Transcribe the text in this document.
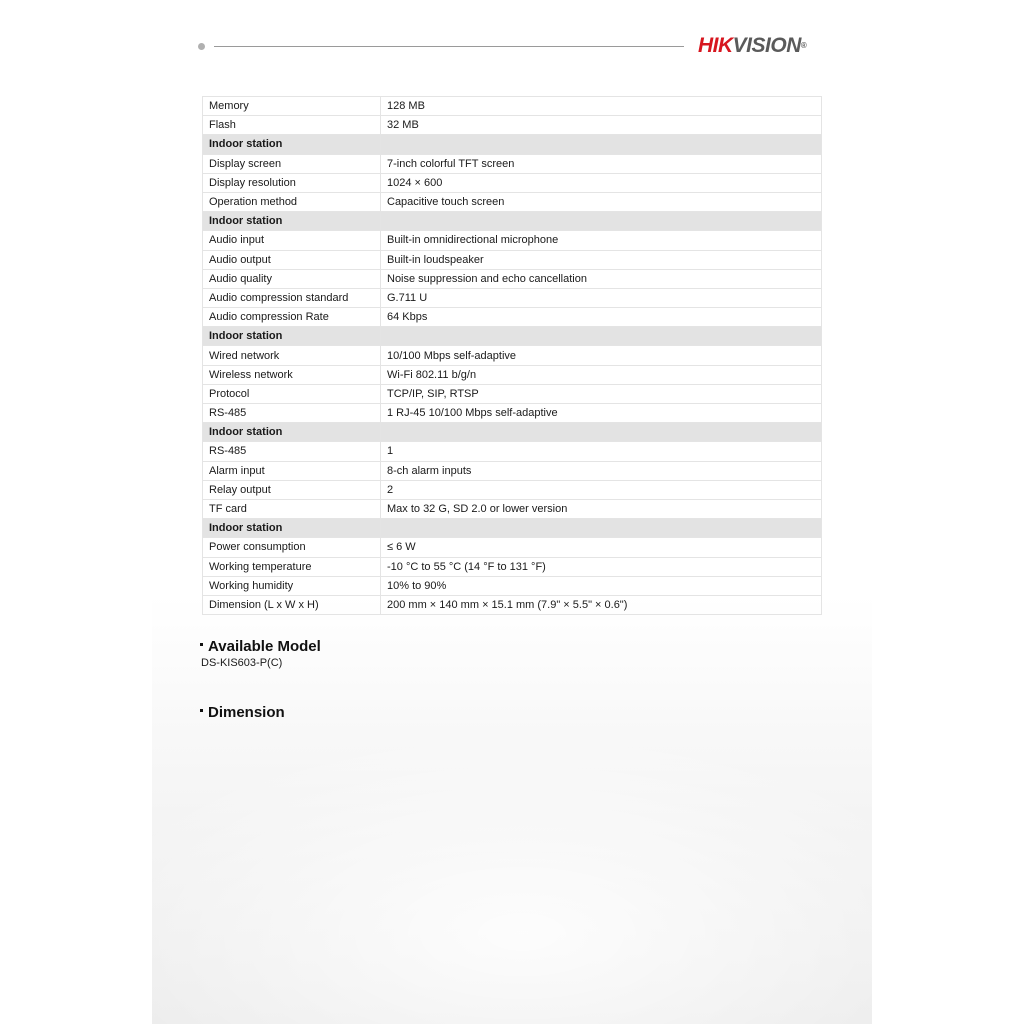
HIKVISION®
Memory	128 MB
Flash	32 MB
Indoor station	
Display screen	7-inch colorful TFT screen
Display resolution	1024 × 600
Operation method	Capacitive touch screen
Indoor station	
Audio input	Built-in omnidirectional microphone
Audio output	Built-in loudspeaker
Audio quality	Noise suppression and echo cancellation
Audio compression standard	G.711 U
Audio compression Rate	64 Kbps
Indoor station	
Wired network	10/100 Mbps self-adaptive
Wireless network	Wi-Fi 802.11 b/g/n
Protocol	TCP/IP, SIP, RTSP
RS-485	1 RJ-45 10/100 Mbps self-adaptive
Indoor station	
RS-485	1
Alarm input	8-ch alarm inputs
Relay output	2
TF card	Max to 32 G, SD 2.0 or lower version
Indoor station	
Power consumption	≤ 6 W
Working temperature	-10 °C to 55 °C (14 °F to 131 °F)
Working humidity	10% to 90%
Dimension (L x W x H)	200 mm × 140 mm × 15.1 mm (7.9" × 5.5" × 0.6")
Available Model
DS-KIS603-P(C)
Dimension
